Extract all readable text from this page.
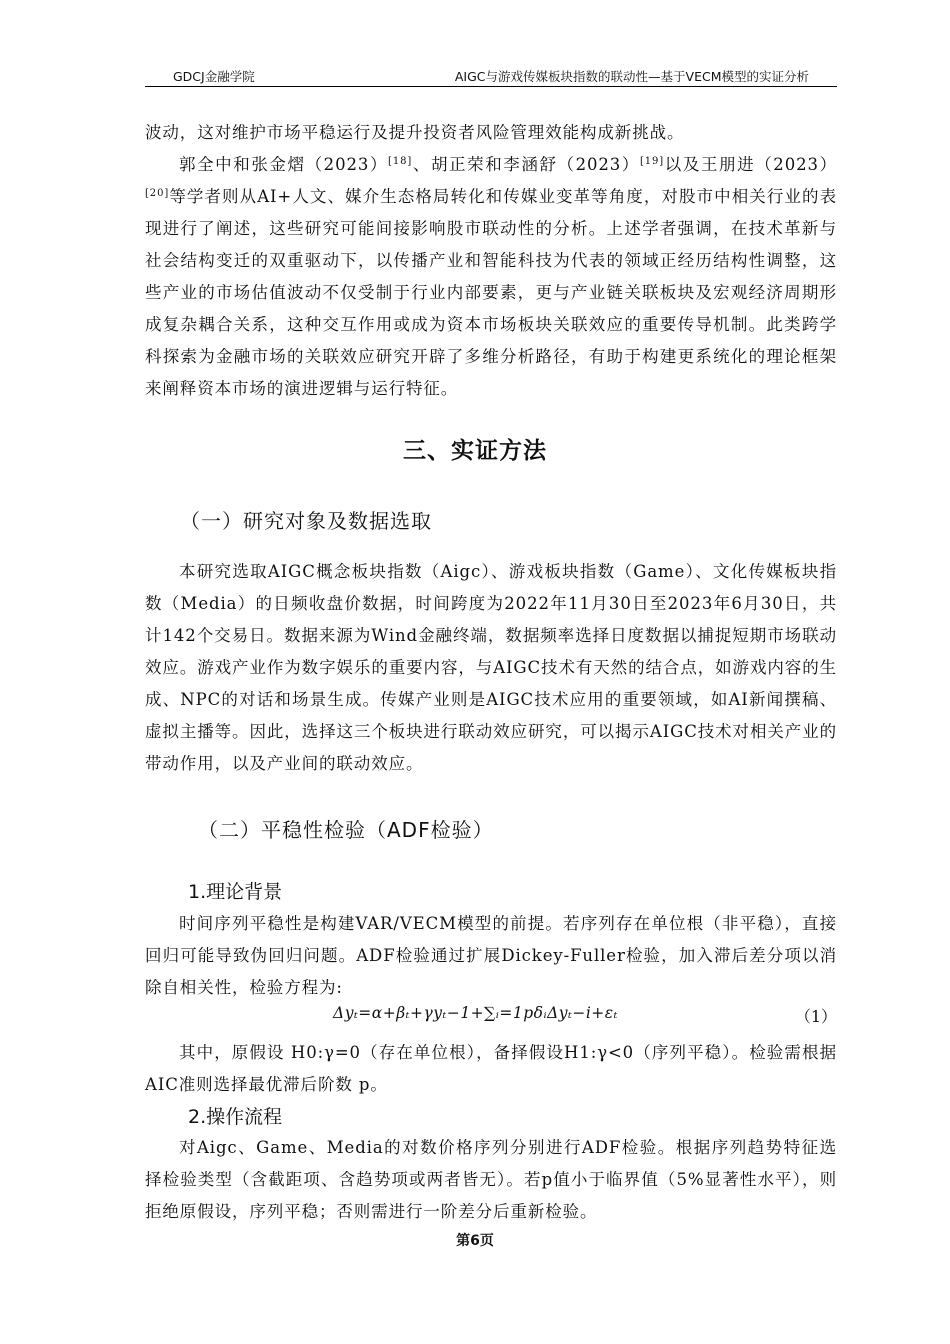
GDCJ金融学院	AIGC与游戏传媒板块指数的联动性—基于VECM模型的实证分析

波动，这对维护市场平稳运行及提升投资者风险管理效能构成新挑战。

郭全中和张金熠（2023）[18]、胡正荣和李涵舒（2023）[19]以及王朋进（2023）[20]等学者则从AI+人文、媒介生态格局转化和传媒业变革等角度，对股市中相关行业的表现进行了阐述，这些研究可能间接影响股市联动性的分析。上述学者强调，在技术革新与社会结构变迁的双重驱动下，以传播产业和智能科技为代表的领域正经历结构性调整，这些产业的市场估值波动不仅受制于行业内部要素，更与产业链关联板块及宏观经济周期形成复杂耦合关系，这种交互作用或成为资本市场板块关联效应的重要传导机制。此类跨学科探索为金融市场的关联效应研究开辟了多维分析路径，有助于构建更系统化的理论框架来阐释资本市场的演进逻辑与运行特征。

三、实证方法
（一）研究对象及数据选取

本研究选取AIGC概念板块指数（Aigc）、游戏板块指数（Game）、文化传媒板块指数（Media）的日频收盘价数据，时间跨度为2022年11月30日至2023年6月30日，共计142个交易日。数据来源为Wind金融终端，数据频率选择日度数据以捕捉短期市场联动效应。游戏产业作为数字娱乐的重要内容，与AIGC技术有天然的结合点，如游戏内容的生成、NPC的对话和场景生成。传媒产业则是AIGC技术应用的重要领域，如AI新闻撰稿、虚拟主播等。因此，选择这三个板块进行联动效应研究，可以揭示AIGC技术对相关产业的带动作用，以及产业间的联动效应。

（二）平稳性检验（ADF检验）
1.理论背景

时间序列平稳性是构建VAR/VECM模型的前提。若序列存在单位根（非平稳），直接回归可能导致伪回归问题。ADF检验通过扩展Dickey-Fuller检验，加入滞后差分项以消除自相关性，检验方程为:

Δyₜ=α+βₜ+γyₜ−1+∑ᵢ=1pδᵢΔyₜ−i+εₜ	（1）

其中，原假设 H0:γ=0（存在单位根），备择假设H1:γ<0（序列平稳）。检验需根据AIC准则选择最优滞后阶数 p。

2.操作流程

对Aigc、Game、Media的对数价格序列分别进行ADF检验。根据序列趋势特征选择检验类型（含截距项、含趋势项或两者皆无）。若p值小于临界值（5%显著性水平），则拒绝原假设，序列平稳；否则需进行一阶差分后重新检验。

第6页
